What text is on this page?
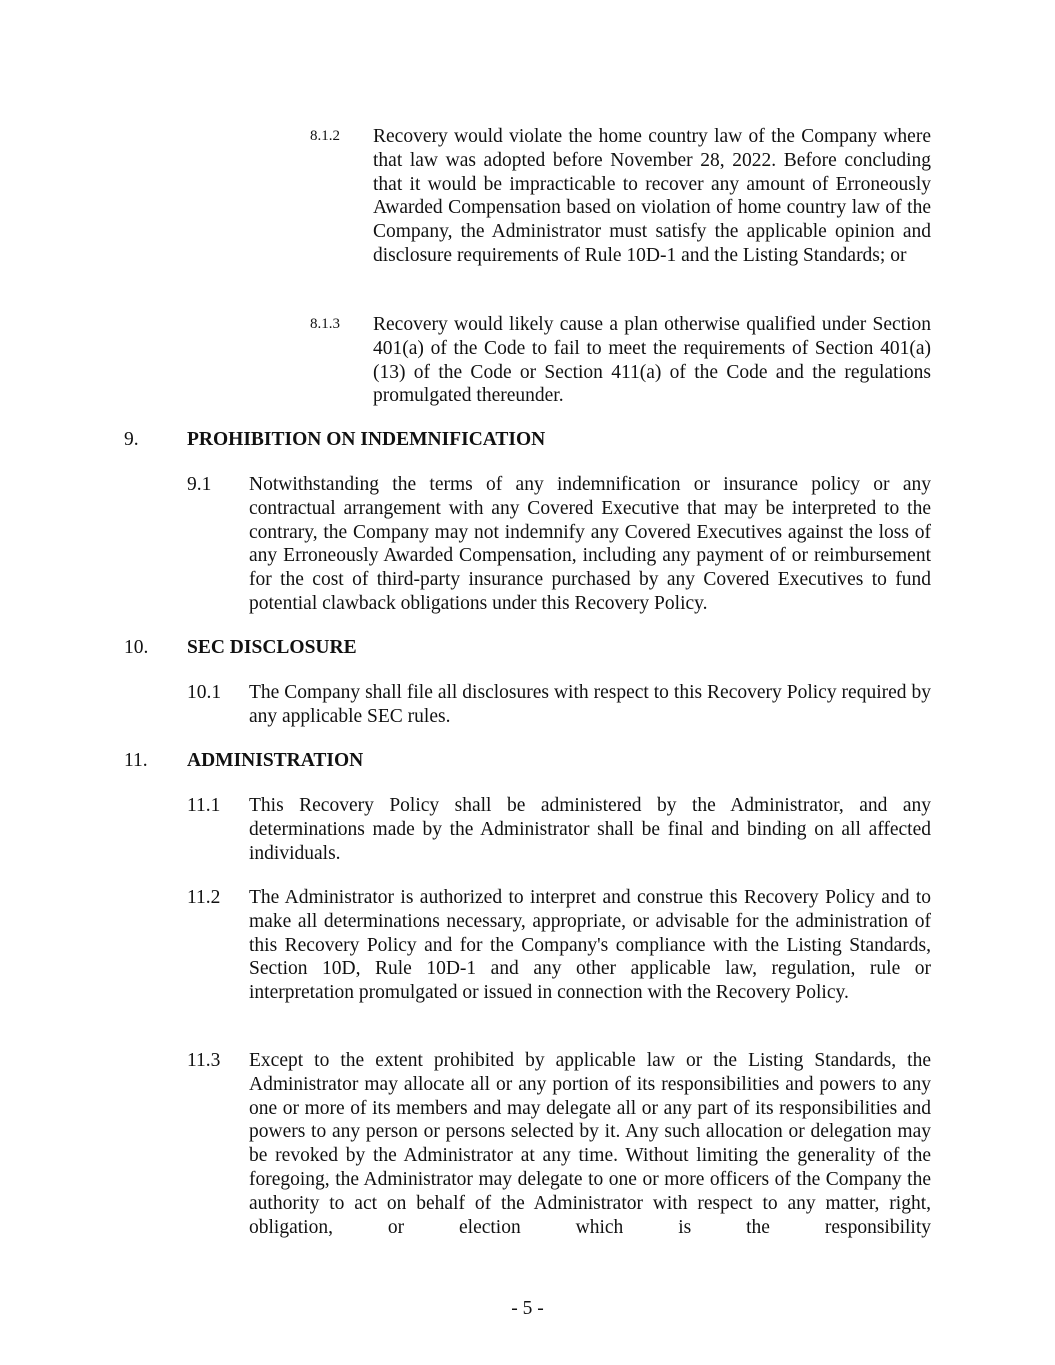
8.1.2 Recovery would violate the home country law of the Company where that law was adopted before November 28, 2022. Before concluding that it would be impracticable to recover any amount of Erroneously Awarded Compensation based on violation of home country law of the Company, the Administrator must satisfy the applicable opinion and disclosure requirements of Rule 10D-1 and the Listing Standards; or

8.1.3 Recovery would likely cause a plan otherwise qualified under Section 401(a) of the Code to fail to meet the requirements of Section 401(a)(13) of the Code or Section 411(a) of the Code and the regulations promulgated thereunder.

9. PROHIBITION ON INDEMNIFICATION
9.1 Notwithstanding the terms of any indemnification or insurance policy or any contractual arrangement with any Covered Executive that may be interpreted to the contrary, the Company may not indemnify any Covered Executives against the loss of any Erroneously Awarded Compensation, including any payment of or reimbursement for the cost of third-party insurance purchased by any Covered Executives to fund potential clawback obligations under this Recovery Policy.

10. SEC DISCLOSURE
10.1 The Company shall file all disclosures with respect to this Recovery Policy required by any applicable SEC rules.

11. ADMINISTRATION
11.1 This Recovery Policy shall be administered by the Administrator, and any determinations made by the Administrator shall be final and binding on all affected individuals.

11.2 The Administrator is authorized to interpret and construe this Recovery Policy and to make all determinations necessary, appropriate, or advisable for the administration of this Recovery Policy and for the Company's compliance with the Listing Standards, Section 10D, Rule 10D-1 and any other applicable law, regulation, rule or interpretation promulgated or issued in connection with the Recovery Policy.

11.3 Except to the extent prohibited by applicable law or the Listing Standards, the Administrator may allocate all or any portion of its responsibilities and powers to any one or more of its members and may delegate all or any part of its responsibilities and powers to any person or persons selected by it. Any such allocation or delegation may be revoked by the Administrator at any time. Without limiting the generality of the foregoing, the Administrator may delegate to one or more officers of the Company the authority to act on behalf of the Administrator with respect to any matter, right, obligation, or election which is the responsibility

- 5 -
